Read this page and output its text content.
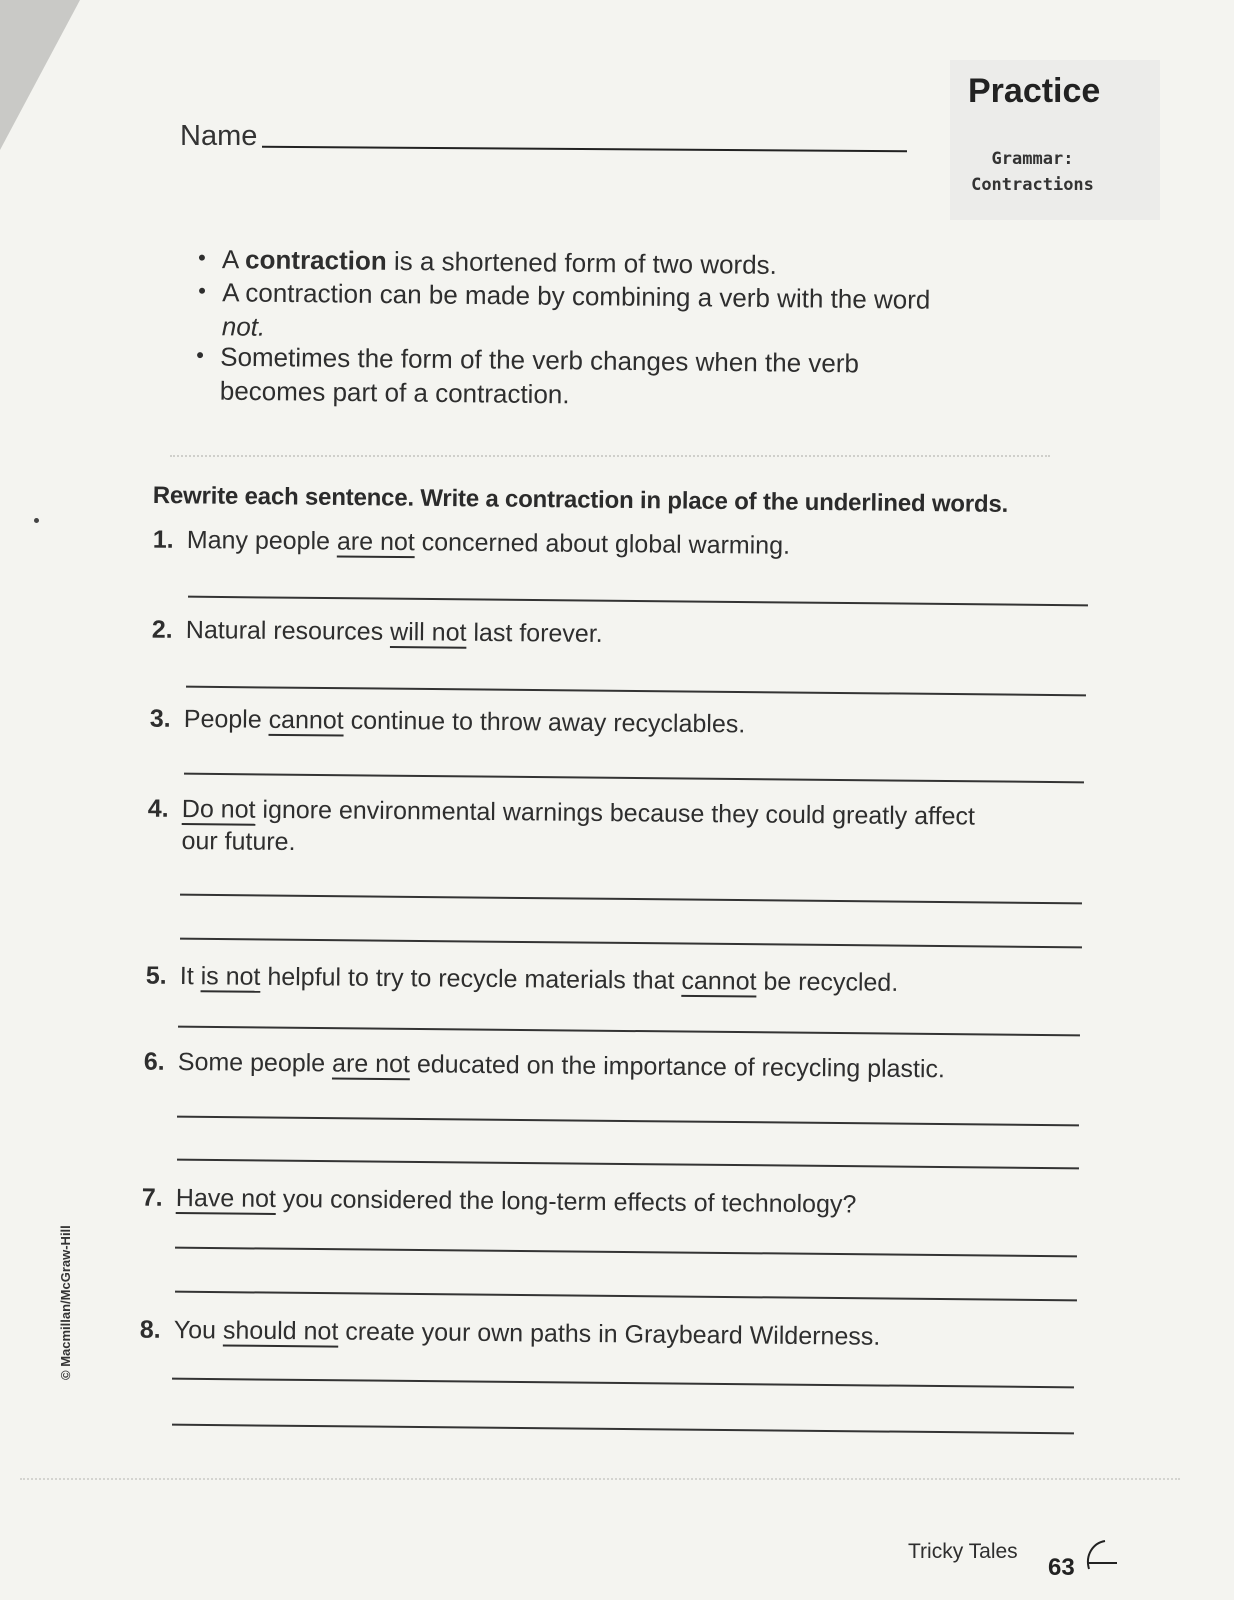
Practice
Grammar:
Contractions
Name
• A contraction is a shortened form of two words.
• A contraction can be made by combining a verb with the word
not.
• Sometimes the form of the verb changes when the verb
becomes part of a contraction.
Rewrite each sentence. Write a contraction in place of the underlined words.
1. Many people are not concerned about global warming.
2. Natural resources will not last forever.
3. People cannot continue to throw away recyclables.
4. Do not ignore environmental warnings because they could greatly affect
our future.
5. It is not helpful to try to recycle materials that cannot be recycled.
6. Some people are not educated on the importance of recycling plastic.
7. Have not you considered the long-term effects of technology?
8. You should not create your own paths in Graybeard Wilderness.
© Macmillan/McGraw-Hill
Tricky Tales
63
